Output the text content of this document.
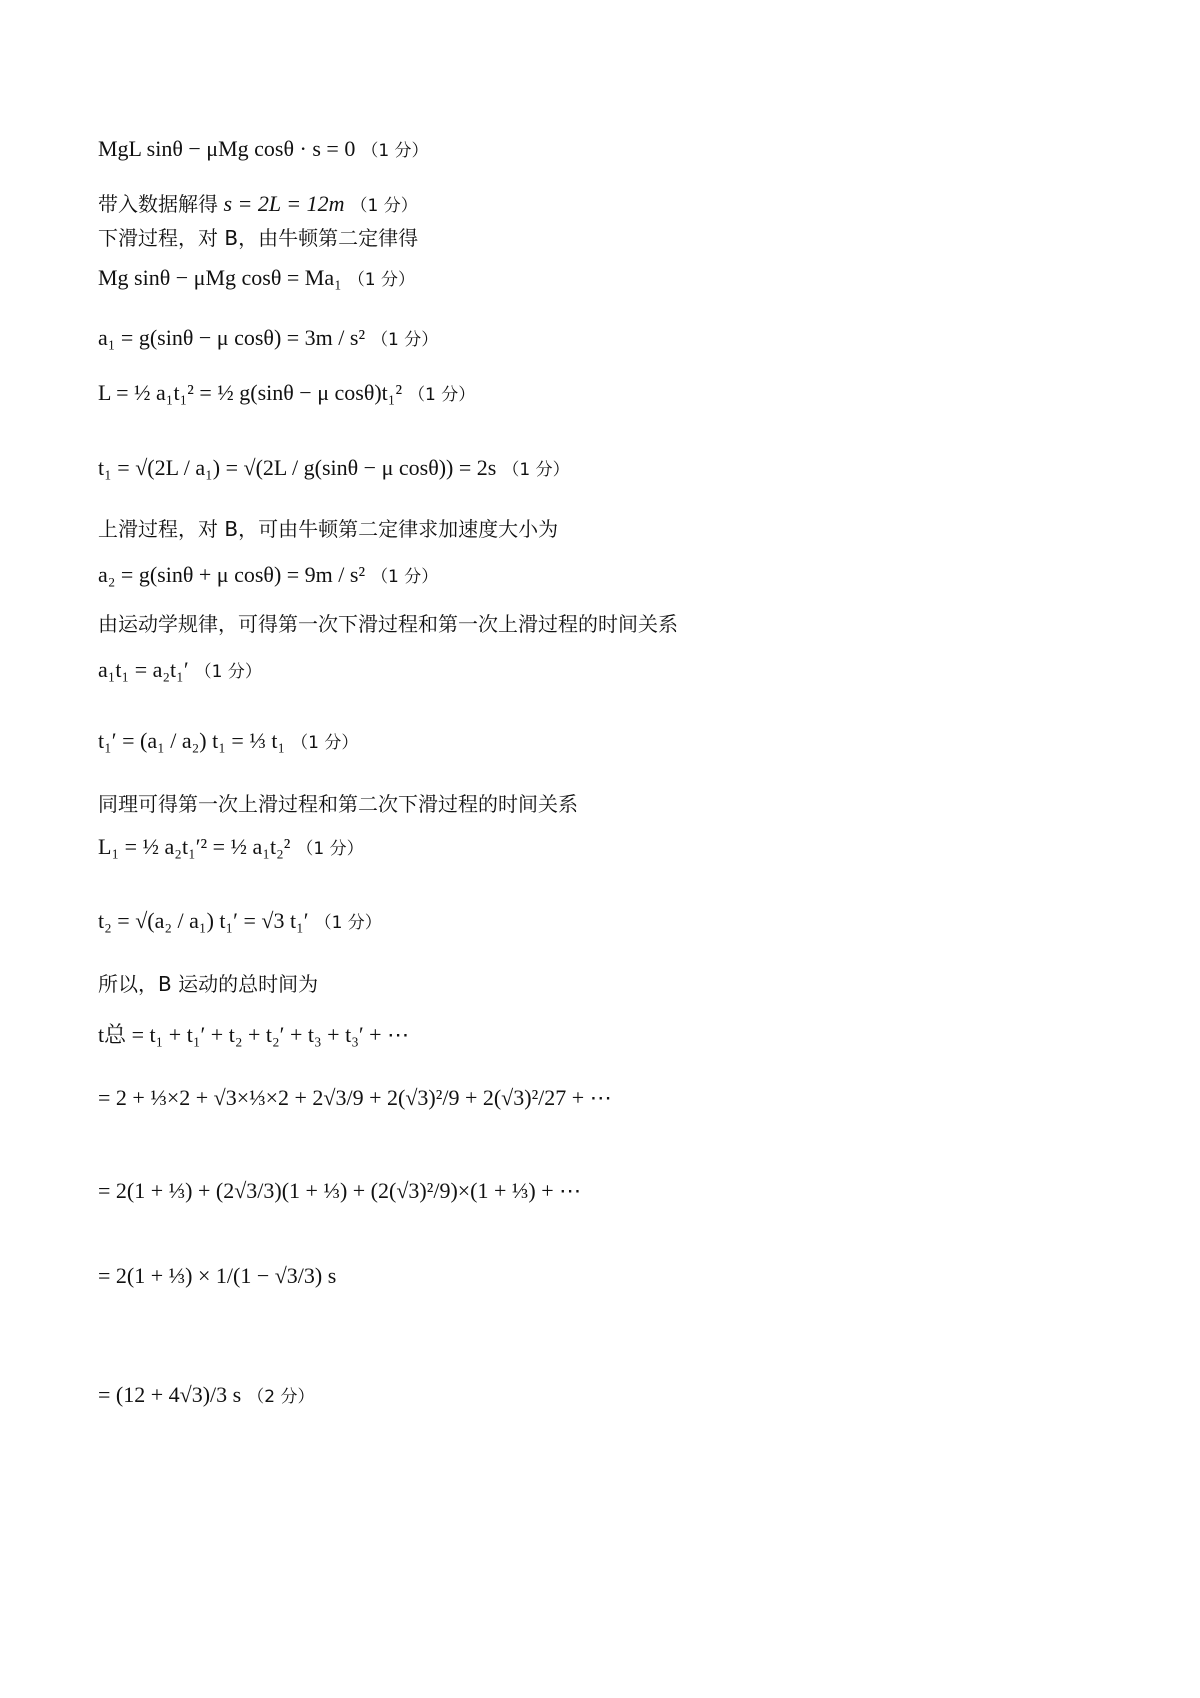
MgL sinθ − μMg cosθ · s = 0 （1 分）
带入数据解得 s = 2L = 12m （1 分）
下滑过程，对 B，由牛顿第二定律得
Mg sinθ − μMg cosθ = Ma₁ （1 分）
a₁ = g(sinθ − μ cosθ) = 3m / s² （1 分）
L = ½ a₁t₁² = ½ g(sinθ − μ cosθ)t₁² （1 分）
t₁ = √(2L / a₁) = √(2L / g(sinθ − μ cosθ)) = 2s （1 分）
上滑过程，对 B，可由牛顿第二定律求加速度大小为
a₂ = g(sinθ + μ cosθ) = 9m / s² （1 分）
由运动学规律，可得第一次下滑过程和第一次上滑过程的时间关系
a₁t₁ = a₂t₁′ （1 分）
t₁′ = (a₁ / a₂) t₁ = ⅓ t₁ （1 分）
同理可得第一次上滑过程和第二次下滑过程的时间关系
L₁ = ½ a₂t₁′² = ½ a₁t₂² （1 分）
t₂ = √(a₂ / a₁) t₁′ = √3 t₁′ （1 分）
所以，B 运动的总时间为
t总 = t₁ + t₁′ + t₂ + t₂′ + t₃ + t₃′ + ⋯
= 2 + ⅓×2 + √3×⅓×2 + 2√3/9 + 2(√3)²/9 + 2(√3)²/27 + ⋯
= 2(1 + ⅓) + (2√3/3)(1 + ⅓) + (2(√3)²/9)×(1 + ⅓) + ⋯
= 2(1 + ⅓) × 1/(1 − √3/3) s
= (12 + 4√3)/3 s （2 分）
